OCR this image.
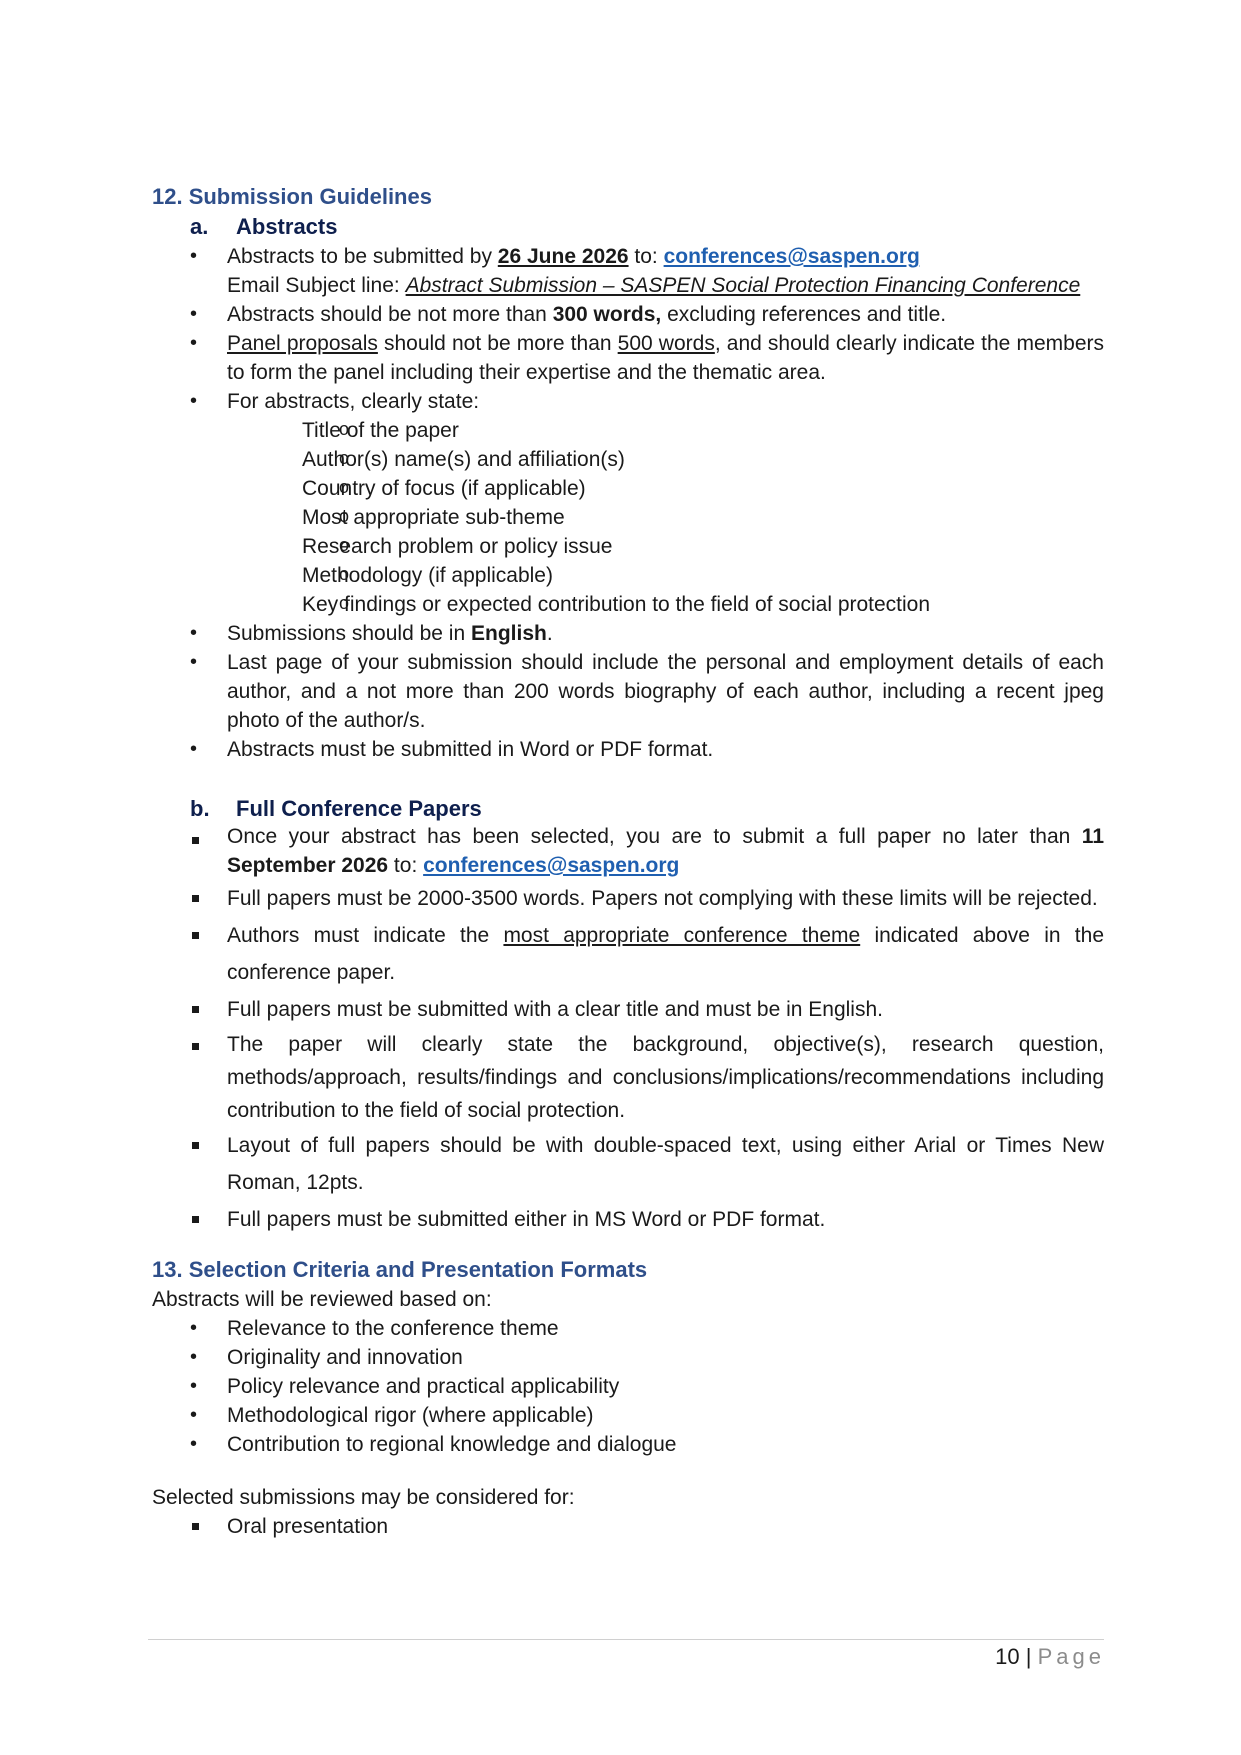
12. Submission Guidelines
a.	Abstracts
• Abstracts to be submitted by 26 June 2026 to: conferences@saspen.org
Email Subject line: Abstract Submission – SASPEN Social Protection Financing Conference
• Abstracts should be not more than 300 words, excluding references and title.
• Panel proposals should not be more than 500 words, and should clearly indicate the members to form the panel including their expertise and the thematic area.
• For abstracts, clearly state:
o Title of the paper
o Author(s) name(s) and affiliation(s)
o Country of focus (if applicable)
o Most appropriate sub-theme
o Research problem or policy issue
o Methodology (if applicable)
o Key findings or expected contribution to the field of social protection
• Submissions should be in English.
• Last page of your submission should include the personal and employment details of each author, and a not more than 200 words biography of each author, including a recent jpeg photo of the author/s.
• Abstracts must be submitted in Word or PDF format.
b.	Full Conference Papers
Once your abstract has been selected, you are to submit a full paper no later than 11 September 2026 to: conferences@saspen.org
Full papers must be 2000-3500 words. Papers not complying with these limits will be rejected.
Authors must indicate the most appropriate conference theme indicated above in the conference paper.
Full papers must be submitted with a clear title and must be in English.
The paper will clearly state the background, objective(s), research question, methods/approach, results/findings and conclusions/implications/recommendations including contribution to the field of social protection.
Layout of full papers should be with double-spaced text, using either Arial or Times New Roman, 12pts.
Full papers must be submitted either in MS Word or PDF format.
13. Selection Criteria and Presentation Formats
Abstracts will be reviewed based on:
• Relevance to the conference theme
• Originality and innovation
• Policy relevance and practical applicability
• Methodological rigor (where applicable)
• Contribution to regional knowledge and dialogue
Selected submissions may be considered for:
Oral presentation
10 | Page
